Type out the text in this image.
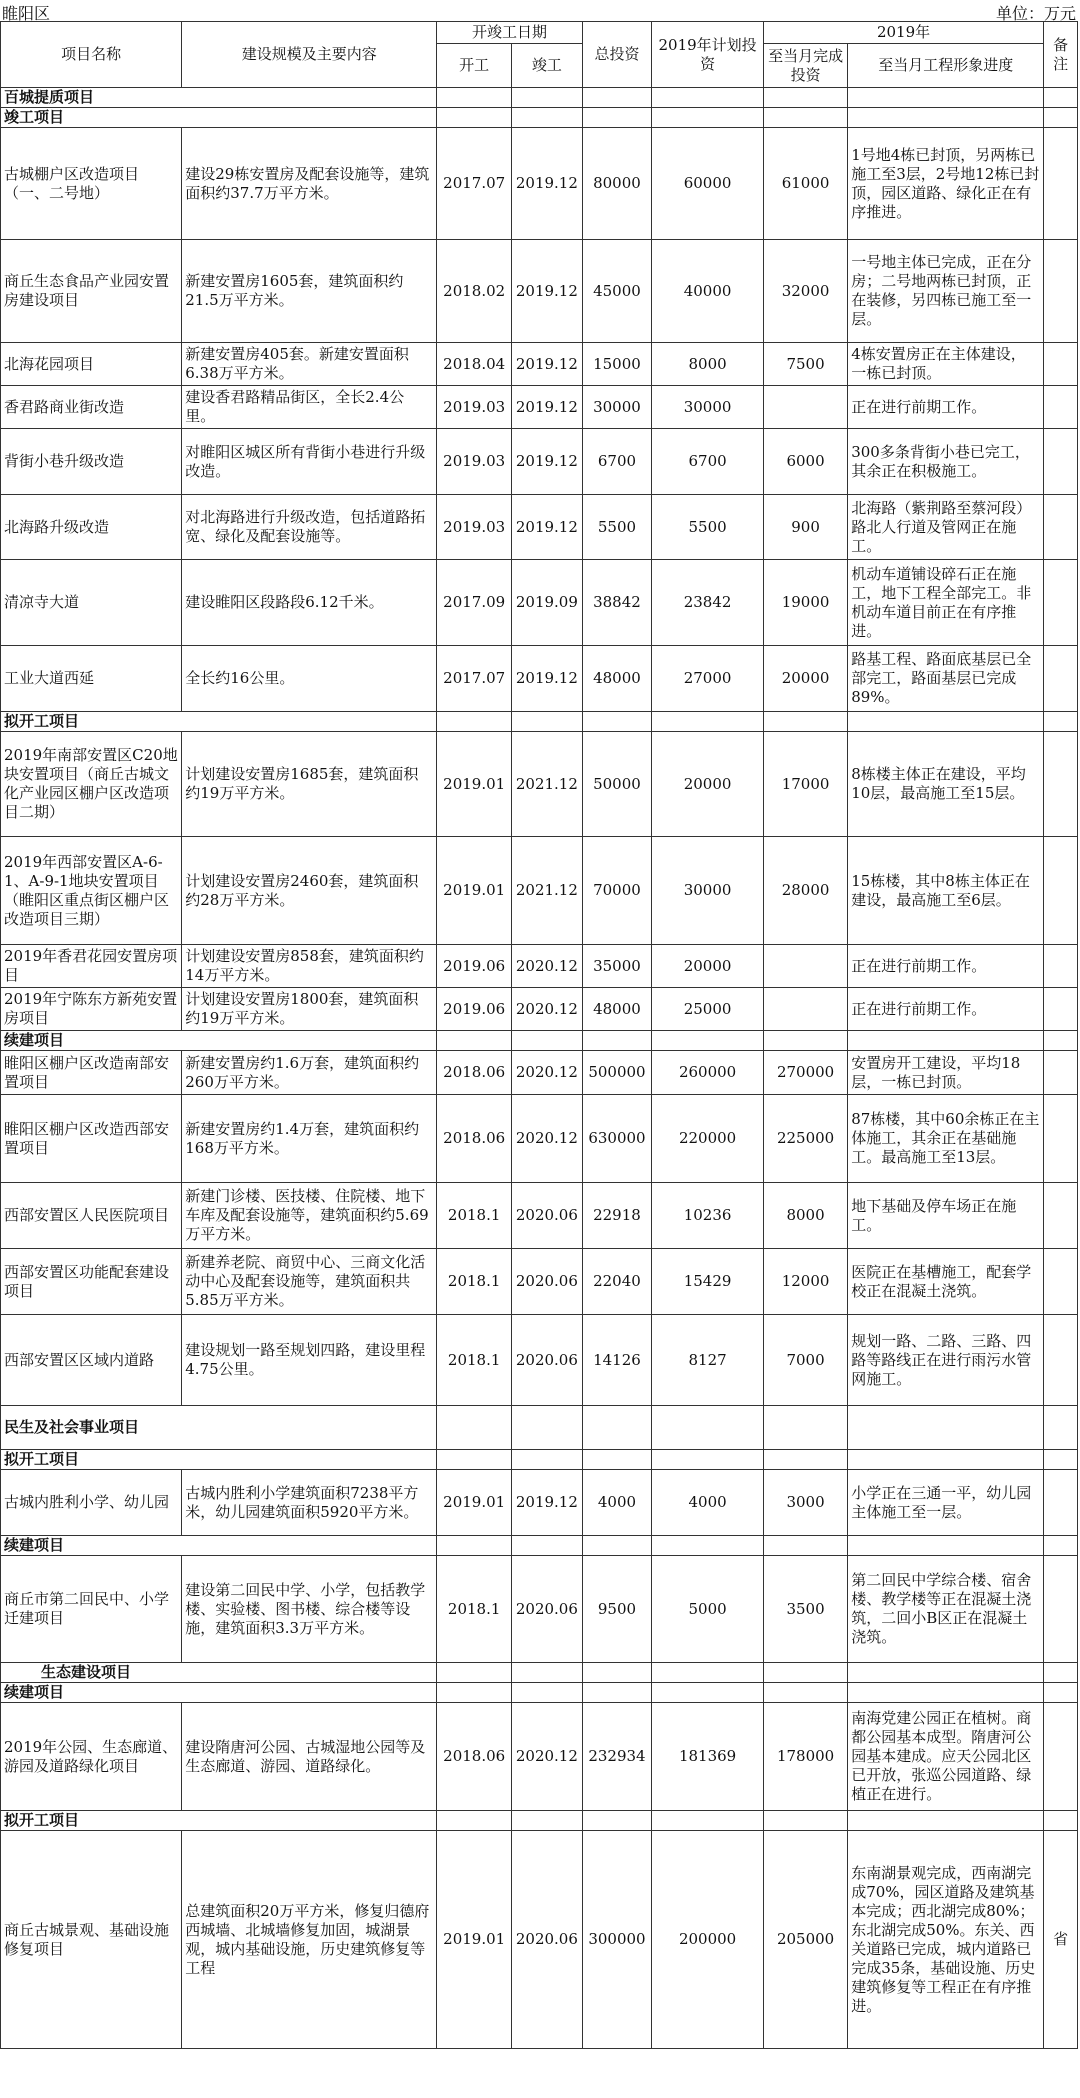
睢阳区	单位：万元
项目名称	建设规模及主要内容	开竣工日期		总投资	2019年计划投资	2019年		备注
		开工	竣工			至当月完成投资	至当月工程形象进度	
百城提质项目								
竣工项目								
古城棚户区改造项目（一、二号地）	建设29栋安置房及配套设施等，建筑面积约37.7万平方米。	2017.07	2019.12	80000	60000	61000	1号地4栋已封顶，另两栋已施工至3层，2号地12栋已封顶，园区道路、绿化正在有序推进。	
商丘生态食品产业园安置房建设项目	新建安置房1605套，建筑面积约21.5万平方米。	2018.02	2019.12	45000	40000	32000	一号地主体已完成，正在分房；二号地两栋已封顶，正在装修，另四栋已施工至一层。	
北海花园项目	新建安置房405套。新建安置面积6.38万平方米。	2018.04	2019.12	15000	8000	7500	4栋安置房正在主体建设，一栋已封顶。	
香君路商业街改造	建设香君路精品街区，全长2.4公里。	2019.03	2019.12	30000	30000		正在进行前期工作。	
背街小巷升级改造	对睢阳区城区所有背街小巷进行升级改造。	2019.03	2019.12	6700	6700	6000	300多条背街小巷已完工，其余正在积极施工。	
北海路升级改造	对北海路进行升级改造，包括道路拓宽、绿化及配套设施等。	2019.03	2019.12	5500	5500	900	北海路（紫荆路至蔡河段）路北人行道及管网正在施工。	
清凉寺大道	建设睢阳区段路段6.12千米。	2017.09	2019.09	38842	23842	19000	机动车道铺设碎石正在施工，地下工程全部完工。非机动车道目前正在有序推进。	
工业大道西延	全长约16公里。	2017.07	2019.12	48000	27000	20000	路基工程、路面底基层已全部完工，路面基层已完成89%。	
拟开工项目								
2019年南部安置区C20地块安置项目（商丘古城文化产业园区棚户区改造项目二期）	计划建设安置房1685套，建筑面积约19万平方米。	2019.01	2021.12	50000	20000	17000	8栋楼主体正在建设，平均10层，最高施工至15层。	
2019年西部安置区A-6-1、A-9-1地块安置项目（睢阳区重点街区棚户区改造项目三期）	计划建设安置房2460套，建筑面积约28万平方米。	2019.01	2021.12	70000	30000	28000	15栋楼，其中8栋主体正在建设，最高施工至6层。	
2019年香君花园安置房项目	计划建设安置房858套，建筑面积约14万平方米。	2019.06	2020.12	35000	20000		正在进行前期工作。	
2019年宁陈东方新苑安置房项目	计划建设安置房1800套，建筑面积约19万平方米。	2019.06	2020.12	48000	25000		正在进行前期工作。	
续建项目								
睢阳区棚户区改造南部安置项目	新建安置房约1.6万套，建筑面积约260万平方米。	2018.06	2020.12	500000	260000	270000	安置房开工建设，平均18层，一栋已封顶。	
睢阳区棚户区改造西部安置项目	新建安置房约1.4万套，建筑面积约168万平方米。	2018.06	2020.12	630000	220000	225000	87栋楼，其中60余栋正在主体施工，其余正在基础施工。最高施工至13层。	
西部安置区人民医院项目	新建门诊楼、医技楼、住院楼、地下车库及配套设施等，建筑面积约5.69万平方米。	2018.1	2020.06	22918	10236	8000	地下基础及停车场正在施工。	
西部安置区功能配套建设项目	新建养老院、商贸中心、三商文化活动中心及配套设施等，建筑面积共5.85万平方米。	2018.1	2020.06	22040	15429	12000	医院正在基槽施工，配套学校正在混凝土浇筑。	
西部安置区区域内道路	建设规划一路至规划四路，建设里程4.75公里。	2018.1	2020.06	14126	8127	7000	规划一路、二路、三路、四路等路线正在进行雨污水管网施工。	
民生及社会事业项目								
拟开工项目								
古城内胜利小学、幼儿园	古城内胜利小学建筑面积7238平方米，幼儿园建筑面积5920平方米。	2019.01	2019.12	4000	4000	3000	小学正在三通一平，幼儿园主体施工至一层。	
续建项目								
商丘市第二回民中、小学迁建项目	建设第二回民中学、小学，包括教学楼、实验楼、图书楼、综合楼等设施，建筑面积3.3万平方米。	2018.1	2020.06	9500	5000	3500	第二回民中学综合楼、宿舍楼、教学楼等正在混凝土浇筑，二回小B区正在混凝土浇筑。	
生态建设项目								
续建项目								
2019年公园、生态廊道、游园及道路绿化项目	建设隋唐河公园、古城湿地公园等及生态廊道、游园、道路绿化。	2018.06	2020.12	232934	181369	178000	南海党建公园正在植树。商都公园基本成型。隋唐河公园基本建成。应天公园北区已开放，张巡公园道路、绿植正在进行。	
拟开工项目								
商丘古城景观、基础设施修复项目	总建筑面积20万平方米，修复归德府西城墙、北城墙修复加固，城湖景观，城内基础设施，历史建筑修复等工程	2019.01	2020.06	300000	200000	205000	东南湖景观完成，西南湖完成70%，园区道路及建筑基本完成；西北湖完成80%；东北湖完成50%。东关、西关道路已完成，城内道路已完成35条，基础设施、历史建筑修复等工程正在有序推进。	省
